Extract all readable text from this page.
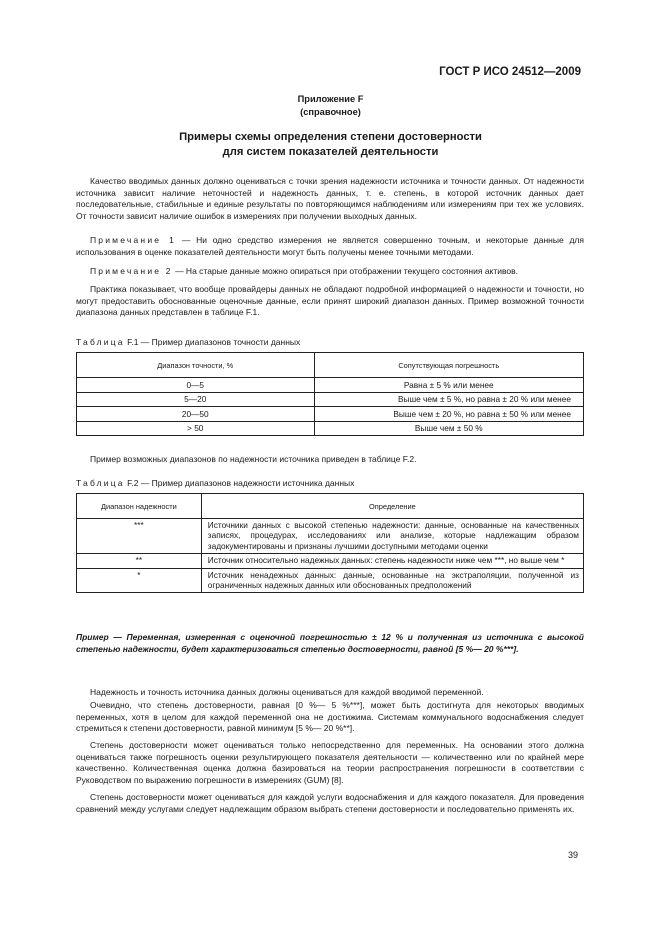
ГОСТ Р ИСО 24512—2009
Приложение F
(справочное)
Примеры схемы определения степени достоверности
для систем показателей деятельности
Качество вводимых данных должно оцениваться с точки зрения надежности источника и точности данных. От надежности источника зависит наличие неточностей и надежность данных, т. е. степень, в которой источник данных дает последовательные, стабильные и единые результаты по повторяющимся наблюдениям или измерениям при тех же условиях. От точности зависит наличие ошибок в измерениях при получении выходных данных.
Примечание 1 — Ни одно средство измерения не является совершенно точным, и некоторые данные для использования в оценке показателей деятельности могут быть получены менее точными методами.
Примечание 2 — На старые данные можно опираться при отображении текущего состояния активов.
Практика показывает, что вообще провайдеры данных не обладают подробной информацией о надежности и точности, но могут предоставить обоснованные оценочные данные, если принят широкий диапазон данных. Пример возможной точности диапазона данных представлен в таблице F.1.
Таблица F.1 — Пример диапазонов точности данных
Диапазон точности, %	Сопутствующая погрешность
0—5	Равна ± 5 % или менее
5—20	Выше чем ± 5 %, но равна ± 20 % или менее
20—50	Выше чем ± 20 %, но равна ± 50 % или менее
> 50	Выше чем ± 50 %
Пример возможных диапазонов по надежности источника приведен в таблице F.2.
Таблица F.2 — Пример диапазонов надежности источника данных
Диапазон надежности	Определение
***	Источники данных с высокой степенью надежности: данные, основанные на качественных записях, процедурах, исследованиях или анализе, которые надлежащим образом задокументированы и признаны лучшими доступными методами оценки
**	Источник относительно надежных данных: степень надежности ниже чем ***, но выше чем *
*	Источник ненадежных данных: данные, основанные на экстраполяции, полученной из ограниченных надежных данных или обоснованных предположений
Пример — Переменная, измеренная с оценочной погрешностью ± 12 % и полученная из источника с высокой степенью надежности, будет характеризоваться степенью достоверности, равной [5 %— 20 %***].
Надежность и точность источника данных должны оцениваться для каждой вводимой переменной.
Очевидно, что степень достоверности, равная [0 %— 5 %***], может быть достигнута для некоторых вводимых переменных, хотя в целом для каждой переменной она не достижима. Системам коммунального водоснабжения следует стремиться к степени достоверности, равной минимум [5 %— 20 %**].
Степень достоверности может оцениваться только непосредственно для переменных. На основании этого должна оцениваться также погрешность оценки результирующего показателя деятельности — количественно или по крайней мере качественно. Количественная оценка должна базироваться на теории распространения погрешности в соответствии с Руководством по выражению погрешности в измерениях (GUM) [8].
Степень достоверности может оцениваться для каждой услуги водоснабжения и для каждого показателя. Для проведения сравнений между услугами следует надлежащим образом выбрать степени достоверности и последовательно применять их.
39
